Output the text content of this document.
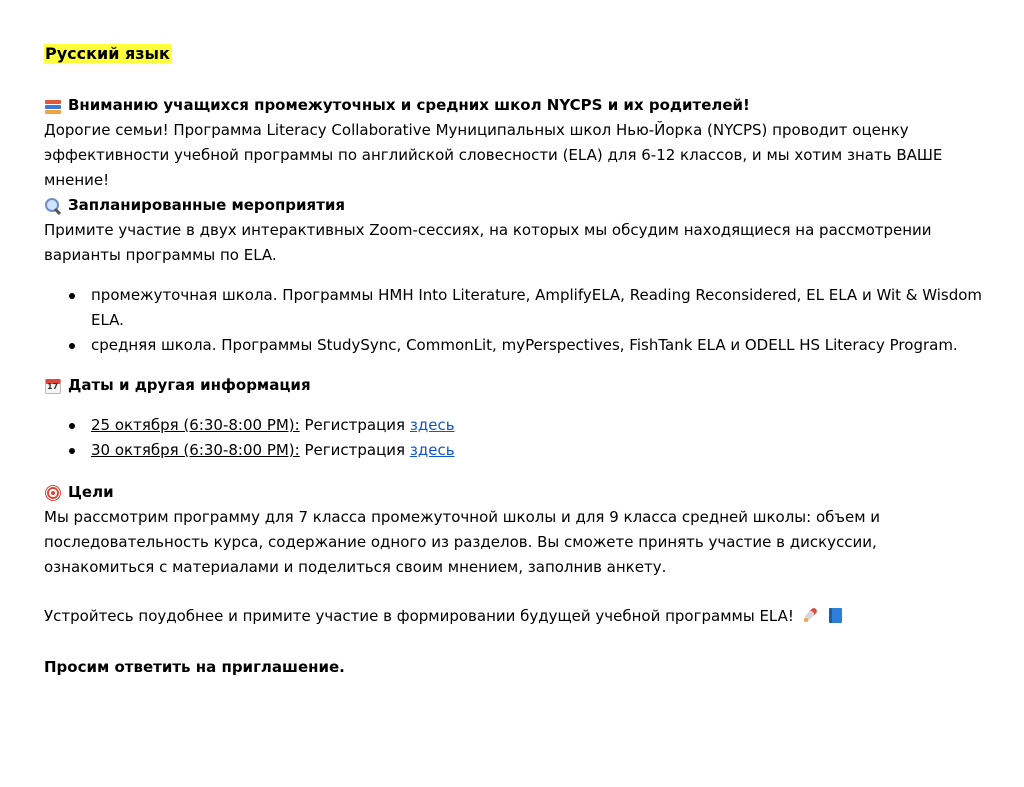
Русский язык
Вниманию учащихся промежуточных и средних школ NYCPS и их родителей!

Дорогие семьи! Программа Literacy Collaborative Муниципальных школ Нью-Йорка (NYCPS) проводит оценку эффективности учебной программы по английской словесности (ELA) для 6-12 классов, и мы хотим знать ВАШЕ мнение!

Запланированные мероприятия

Примите участие в двух интерактивных Zoom-сессиях, на которых мы обсудим находящиеся на рассмотрении варианты программы по ELA.

промежуточная школа. Программы HMH Into Literature, AmplifyELA, Reading Reconsidered, EL ELA и Wit & Wisdom ELA.
средняя школа. Программы StudySync, CommonLit, myPerspectives, FishTank ELA и ODELL HS Literacy Program.
17
Даты и другая информация
25 октября (6:30-8:00 PM): Регистрация здесь
30 октября (6:30-8:00 PM): Регистрация здесь
Цели

Мы рассмотрим программу для 7 класса промежуточной школы и для 9 класса средней школы: объем и последовательность курса, содержание одного из разделов. Вы сможете принять участие в дискуссии, ознакомиться с материалами и поделиться своим мнением, заполнив анкету.

Устройтесь поудобнее и примите участие в формировании будущей учебной программы ELA!

Просим ответить на приглашение.
